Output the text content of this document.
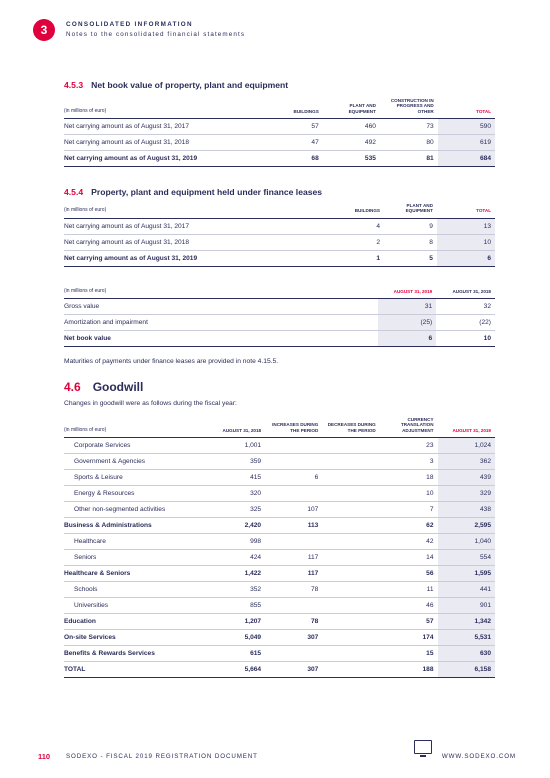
3	CONSOLIDATED INFORMATION
Notes to the consolidated financial statements
4.5.3 Net book value of property, plant and equipment
(in millions of euro)	BUILDINGS	PLANT AND EQUIPMENT	CONSTRUCTION IN PROGRESS AND OTHER	TOTAL
Net carrying amount as of August 31, 2017	57	460	73	590
Net carrying amount as of August 31, 2018	47	492	80	619
Net carrying amount as of August 31, 2019	68	535	81	684
4.5.4 Property, plant and equipment held under finance leases
(in millions of euro)	BUILDINGS	PLANT AND EQUIPMENT	TOTAL
Net carrying amount as of August 31, 2017	4	9	13
Net carrying amount as of August 31, 2018	2	8	10
Net carrying amount as of August 31, 2019	1	5	6
(in millions of euro)	AUGUST 31, 2019	AUGUST 31, 2018
Gross value	31	32
Amortization and impairment	(25)	(22)
Net book value	6	10
Maturities of payments under finance leases are provided in note 4.15.5.
4.6 Goodwill
Changes in goodwill were as follows during the fiscal year:
(in millions of euro)	AUGUST 31, 2018	INCREASES DURING THE PERIOD	DECREASES DURING THE PERIOD	CURRENCY TRANSLATION ADJUSTMENT	AUGUST 31, 2019
Corporate Services	1,001			23	1,024
Government & Agencies	359			3	362
Sports & Leisure	415	6		18	439
Energy & Resources	320			10	329
Other non-segmented activities	325	107		7	438
Business & Administrations	2,420	113		62	2,595
Healthcare	998			42	1,040
Seniors	424	117		14	554
Healthcare & Seniors	1,422	117		56	1,595
Schools	352	78		11	441
Universities	855			46	901
Education	1,207	78		57	1,342
On-site Services	5,049	307		174	5,531
Benefits & Rewards Services	615			15	630
TOTAL	5,664	307		188	6,158
110	SODEXO - FISCAL 2019 REGISTRATION DOCUMENT	WWW.SODEXO.COM
